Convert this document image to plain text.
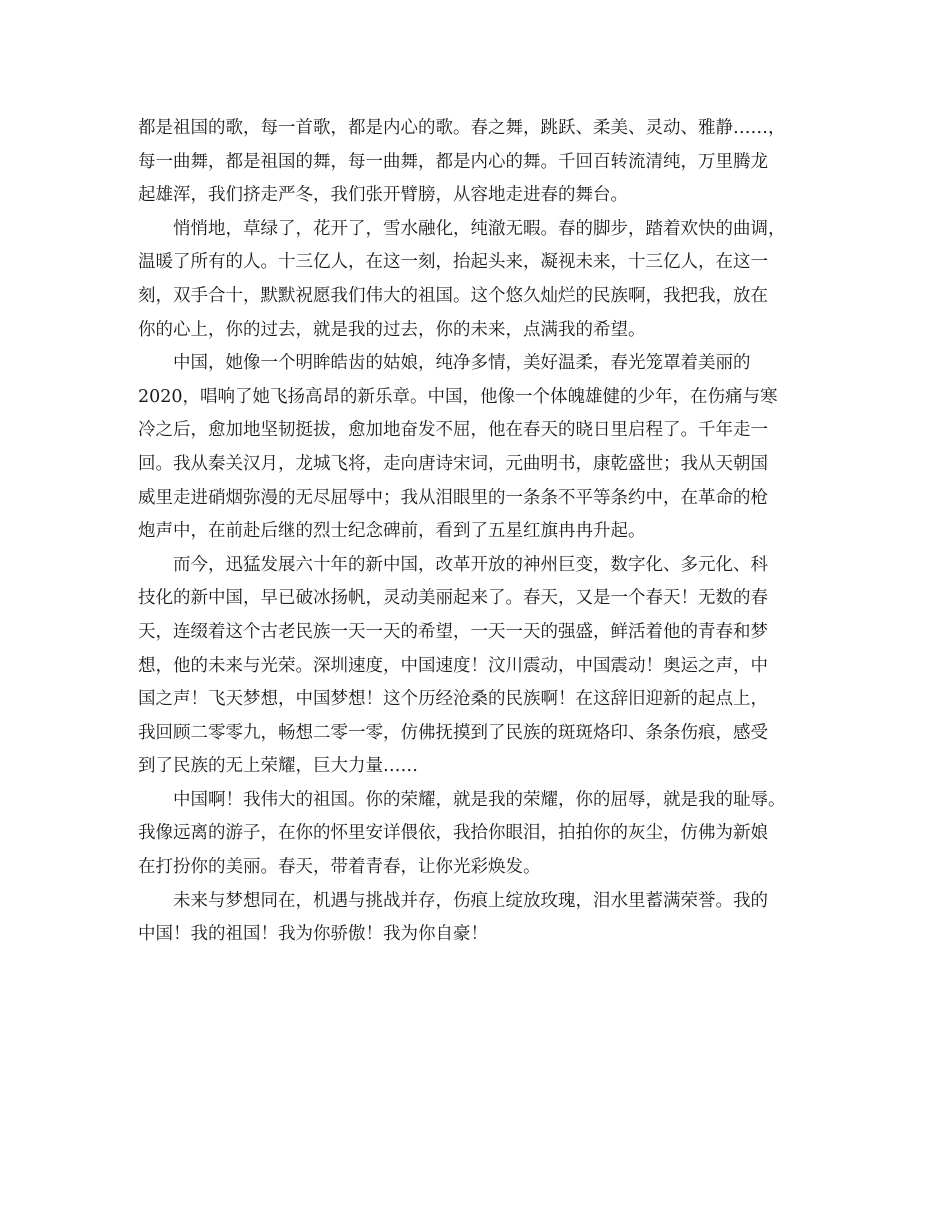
都是祖国的歌，每一首歌，都是内心的歌。春之舞，跳跃、柔美、灵动、雅静……，
每一曲舞，都是祖国的舞，每一曲舞，都是内心的舞。千回百转流清纯，万里腾龙
起雄浑，我们挤走严冬，我们张开臂膀，从容地走进春的舞台。
悄悄地，草绿了，花开了，雪水融化，纯澈无暇。春的脚步，踏着欢快的曲调，
温暖了所有的人。十三亿人，在这一刻，抬起头来，凝视未来，十三亿人，在这一
刻，双手合十，默默祝愿我们伟大的祖国。这个悠久灿烂的民族啊，我把我，放在
你的心上，你的过去，就是我的过去，你的未来，点满我的希望。
中国，她像一个明眸皓齿的姑娘，纯净多情，美好温柔，春光笼罩着美丽的
2020，唱响了她飞扬高昂的新乐章。中国，他像一个体魄雄健的少年，在伤痛与寒
冷之后，愈加地坚韧挺拔，愈加地奋发不屈，他在春天的晓日里启程了。千年走一
回。我从秦关汉月，龙城飞将，走向唐诗宋词，元曲明书，康乾盛世；我从天朝国
威里走进硝烟弥漫的无尽屈辱中；我从泪眼里的一条条不平等条约中，在革命的枪
炮声中，在前赴后继的烈士纪念碑前，看到了五星红旗冉冉升起。
而今，迅猛发展六十年的新中国，改革开放的神州巨变，数字化、多元化、科
技化的新中国，早已破冰扬帆，灵动美丽起来了。春天，又是一个春天！无数的春
天，连缀着这个古老民族一天一天的希望，一天一天的强盛，鲜活着他的青春和梦
想，他的未来与光荣。深圳速度，中国速度！汶川震动，中国震动！奥运之声，中
国之声！飞天梦想，中国梦想！这个历经沧桑的民族啊！在这辞旧迎新的起点上，
我回顾二零零九，畅想二零一零，仿佛抚摸到了民族的斑斑烙印、条条伤痕，感受
到了民族的无上荣耀，巨大力量……
中国啊！我伟大的祖国。你的荣耀，就是我的荣耀，你的屈辱，就是我的耻辱。
我像远离的游子，在你的怀里安详偎依，我拾你眼泪，拍拍你的灰尘，仿佛为新娘
在打扮你的美丽。春天，带着青春，让你光彩焕发。
未来与梦想同在，机遇与挑战并存，伤痕上绽放玫瑰，泪水里蓄满荣誉。我的
中国！我的祖国！我为你骄傲！我为你自豪！
